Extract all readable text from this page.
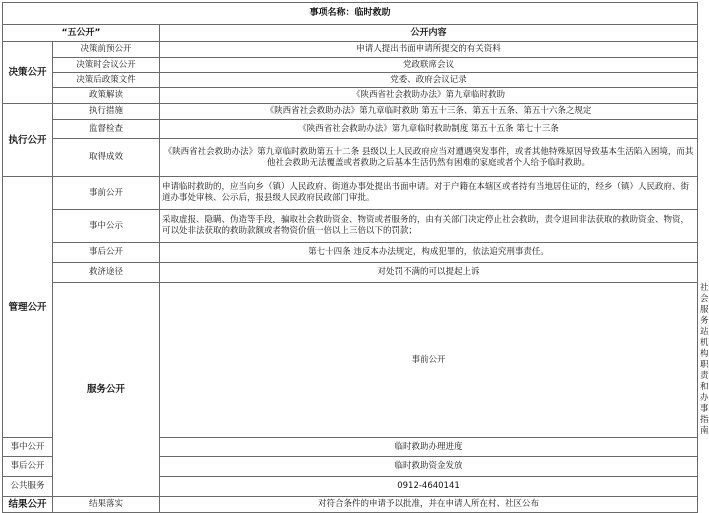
事项名称：临时救助			
“五公开”		公开内容	
决策公开	决策前预公开	申请人提出书面申请所提交的有关资料	
	决策时会议公开	党政联席会议	
	决策后政策文件	党委、政府会议记录	
	政策解读	《陕西省社会救助办法》第九章临时救助	
执行公开	执行措施	《陕西省社会救助办法》第九章临时救助 第五十三条、第五十五条、第五十六条之规定	
	监督检查	《陕西省社会救助办法》第九章临时救助制度 第五十五条 第七十三条	
	取得成效	《陕西省社会救助办法》第九章临时救助第五十二条 县级以上人民政府应当对遭遇突发事件，或者其他特殊原因导致基本生活陷入困境，而其他社会救助无法覆盖或者救助之后基本生活仍然有困难的家庭或者个人给予临时救助。	
管理公开	事前公开	申请临时救助的，应当向乡（镇）人民政府、街道办事处提出书面申请。对于户籍在本辖区或者持有当地居住证的，经乡（镇）人民政府、街道办事处审核、公示后，报县级人民政府民政部门审批。	
	事中公示	采取虚报、隐瞒、伪造等手段，骗取社会救助资金、物资或者服务的，由有关部门决定停止社会救助，责令退回非法获取的救助资金、物资，可以处非法获取的救助款额或者物资价值一倍以上三倍以下的罚款；	
	事后公开	第七十四条 违反本办法规定，构成犯罪的，依法追究刑事责任。	
	救济途径	对处罚不满的可以提起上诉	
	服务公开	事前公开	社会服务站机构职责和办事指南
事中公开		临时救助办理进度	
事后公开		临时救助资金发放	
公共服务		0912-4640141	
结果公开	结果落实	对符合条件的申请予以批准，并在申请人所在村、社区公布	
